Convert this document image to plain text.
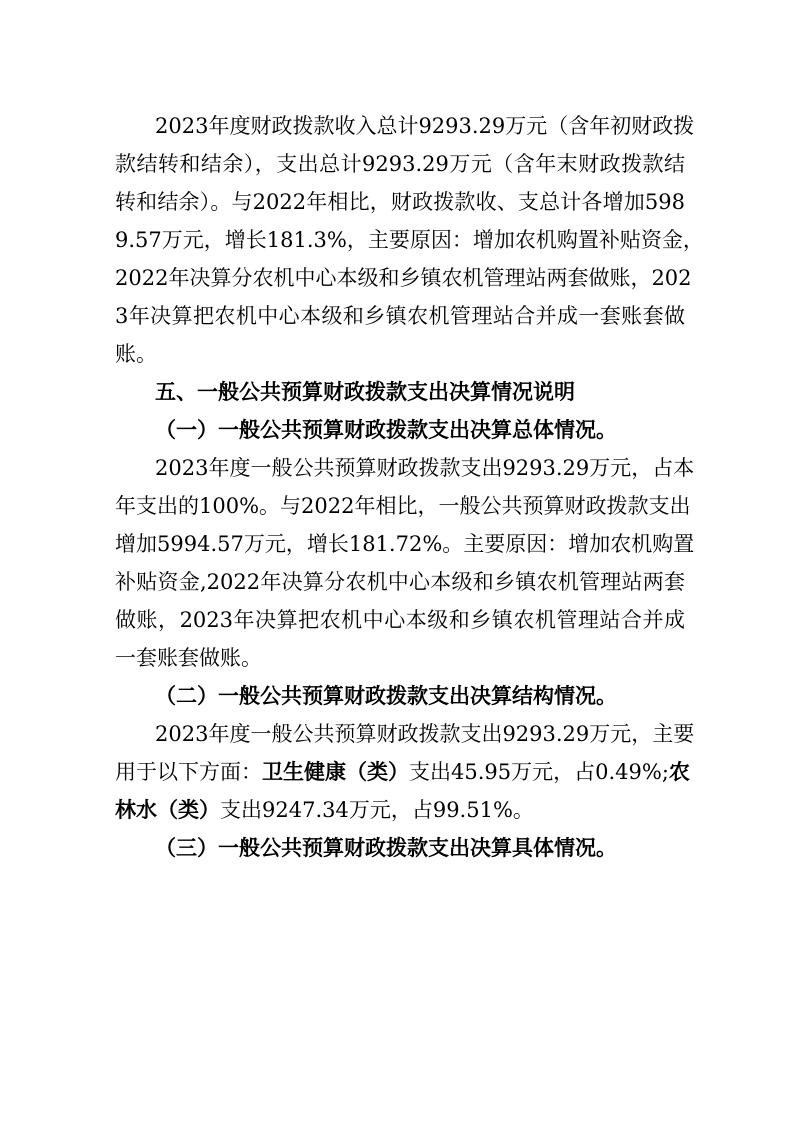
2023年度财政拨款收入总计9293.29万元（含年初财政拨
款结转和结余），支出总计9293.29万元（含年末财政拨款结
转和结余）。与2022年相比，财政拨款收、支总计各增加598
9.57万元，增长181.3%，主要原因：增加农机购置补贴资金，
2022年决算分农机中心本级和乡镇农机管理站两套做账，202
3年决算把农机中心本级和乡镇农机管理站合并成一套账套做
账。
五、一般公共预算财政拨款支出决算情况说明
（一）一般公共预算财政拨款支出决算总体情况。
2023年度一般公共预算财政拨款支出9293.29万元，占本
年支出的100%。与2022年相比，一般公共预算财政拨款支出
增加5994.57万元，增长181.72%。主要原因：增加农机购置
补贴资金,2022年决算分农机中心本级和乡镇农机管理站两套
做账，2023年决算把农机中心本级和乡镇农机管理站合并成
一套账套做账。
（二）一般公共预算财政拨款支出决算结构情况。
2023年度一般公共预算财政拨款支出9293.29万元，主要
用于以下方面：卫生健康（类）支出45.95万元，占0.49%;农
林水（类）支出9247.34万元，占99.51%。
（三）一般公共预算财政拨款支出决算具体情况。
